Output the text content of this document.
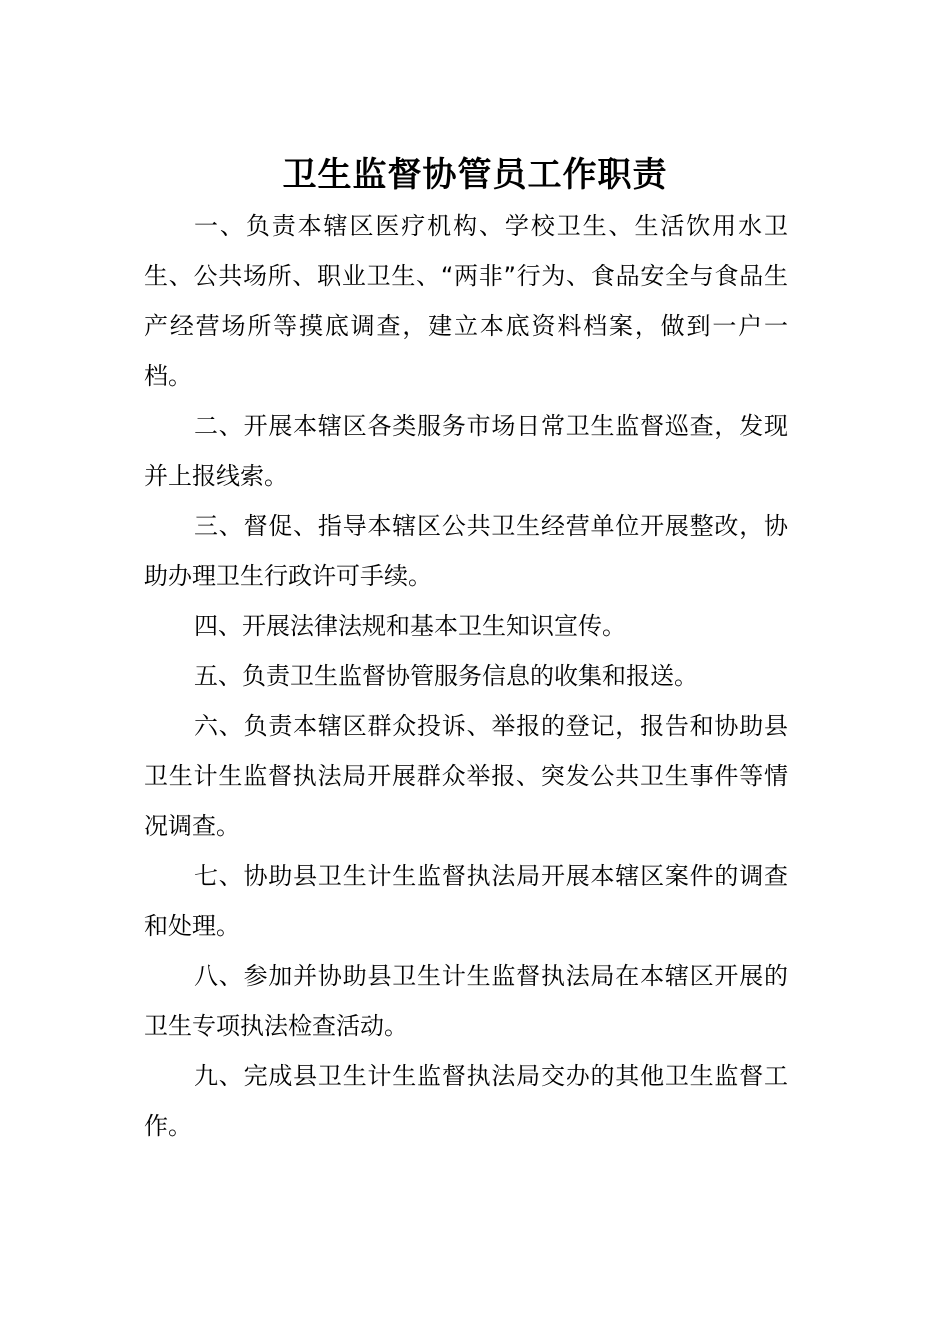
卫生监督协管员工作职责

一、负责本辖区医疗机构、学校卫生、生活饮用水卫生、公共场所、职业卫生、“两非”行为、食品安全与食品生产经营场所等摸底调查，建立本底资料档案，做到一户一档。

二、开展本辖区各类服务市场日常卫生监督巡查，发现并上报线索。

三、督促、指导本辖区公共卫生经营单位开展整改，协助办理卫生行政许可手续。

四、开展法律法规和基本卫生知识宣传。

五、负责卫生监督协管服务信息的收集和报送。

六、负责本辖区群众投诉、举报的登记，报告和协助县卫生计生监督执法局开展群众举报、突发公共卫生事件等情况调查。

七、协助县卫生计生监督执法局开展本辖区案件的调查和处理。

八、参加并协助县卫生计生监督执法局在本辖区开展的卫生专项执法检查活动。

九、完成县卫生计生监督执法局交办的其他卫生监督工作。
